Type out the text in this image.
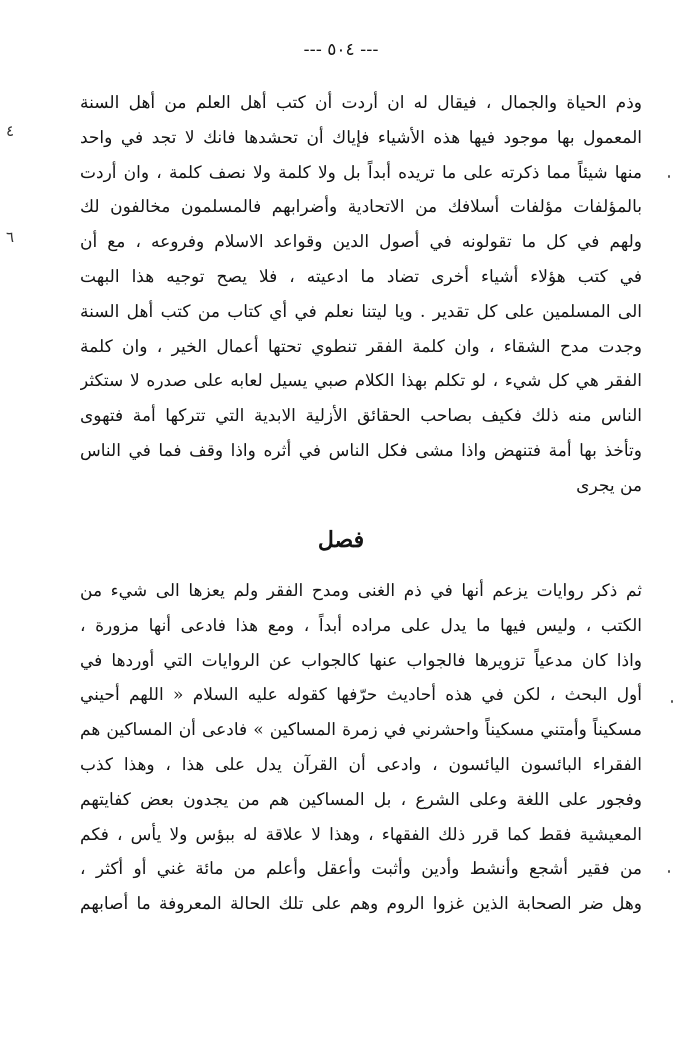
--- ٥٠٤ ---
٤
٦
وذم الحياة والجمال ، فيقال له ان أردت أن كتب أهل العلم من أهل السنة
المعمول بها موجود فيها هذه الأشياء فإياك أن تحشدها فانك لا تجد في واحد
منها شيئاً مما ذكرته على ما تريده أبداً بل ولا كلمة ولا نصف كلمة ، وان أردت
بالمؤلفات مؤلفات أسلافك من الاتحادية وأضرابهم فالمسلمون مخالفون لك
ولهم في كل ما تقولونه في أصول الدين وقواعد الاسلام وفروعه ، مع أن
في كتب هؤلاء أشياء أخرى تضاد ما ادعيته ، فلا يصح توجيه هذا البهت
الى المسلمين على كل تقدير . ويا ليتنا نعلم في أي كتاب من كتب أهل السنة
وجدت مدح الشقاء ، وان كلمة الفقر تنطوي تحتها أعمال الخير ، وان كلمة
الفقر هي كل شيء ، لو تكلم بهذا الكلام صبي يسيل لعابه على صدره لا ستكثر
الناس منه ذلك فكيف بصاحب الحقائق الأزلية الابدية التي تتركها أمة فتهوى
وتأخذ بها أمة فتنهض واذا مشى فكل الناس في أثره واذا وقف فما في الناس
من يجرى
فصل
ثم ذكر روايات يزعم أنها في ذم الغنى ومدح الفقر ولم يعزها الى شيء من
الكتب ، وليس فيها ما يدل على مراده أبداً ، ومع هذا فادعى أنها مزورة ،
واذا كان مدعياً تزويرها فالجواب عنها كالجواب عن الروايات التي أوردها في
أول البحث ، لكن في هذه أحاديث حرّفها كقوله عليه السلام « اللهم أحيني
مسكيناً وأمتني مسكيناً واحشرني في زمرة المساكين » فادعى أن المساكين هم
الفقراء البائسون اليائسون ، وادعى أن القرآن يدل على هذا ، وهذا كذب
وفجور على اللغة وعلى الشرع ، بل المساكين هم من يجدون بعض كفايتهم
المعيشية فقط كما قرر ذلك الفقهاء ، وهذا لا علاقة له ببؤس ولا يأس ، فكم
من فقير أشجع وأنشط وأدين وأثبت وأعقل وأعلم من مائة غني أو أكثر ،
وهل ضر الصحابة الذين غزوا الروم وهم على تلك الحالة المعروفة ما أصابهم
